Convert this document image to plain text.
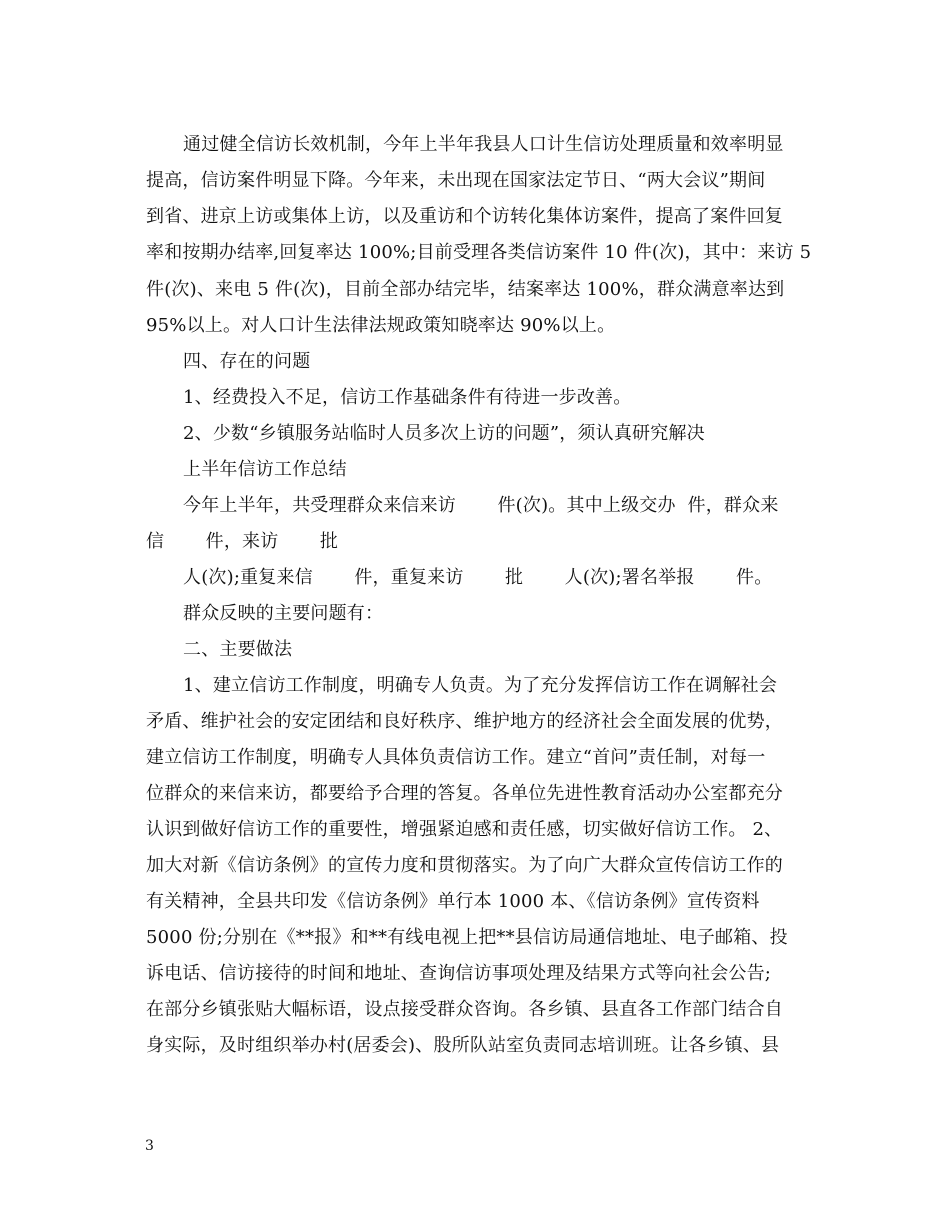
通过健全信访长效机制，今年上半年我县人口计生信访处理质量和效率明显
提高，信访案件明显下降。今年来，未出现在国家法定节日、“两大会议”期间
到省、进京上访或集体上访，以及重访和个访转化集体访案件，提高了案件回复
率和按期办结率,回复率达 100%;目前受理各类信访案件 10 件(次)，其中：来访 5
件(次)、来电 5 件(次)，目前全部办结完毕，结案率达 100%，群众满意率达到
95%以上。对人口计生法律法规政策知晓率达 90%以上。
四、存在的问题
1、经费投入不足，信访工作基础条件有待进一步改善。
2、少数“乡镇服务站临时人员多次上访的问题”，须认真研究解决
上半年信访工作总结
今年上半年，共受理群众来信来访       件(次)。其中上级交办  件，群众来
信       件，来访       批
人(次);重复来信       件，重复来访       批       人(次);署名举报       件。
群众反映的主要问题有：
二、主要做法
1、建立信访工作制度，明确专人负责。为了充分发挥信访工作在调解社会
矛盾、维护社会的安定团结和良好秩序、维护地方的经济社会全面发展的优势，
建立信访工作制度，明确专人具体负责信访工作。建立“首问”责任制，对每一
位群众的来信来访，都要给予合理的答复。各单位先进性教育活动办公室都充分
认识到做好信访工作的重要性，增强紧迫感和责任感，切实做好信访工作。 2、
加大对新《信访条例》的宣传力度和贯彻落实。为了向广大群众宣传信访工作的
有关精神，全县共印发《信访条例》单行本 1000 本、《信访条例》宣传资料
5000 份;分别在《**报》和**有线电视上把**县信访局通信地址、电子邮箱、投
诉电话、信访接待的时间和地址、查询信访事项处理及结果方式等向社会公告;
在部分乡镇张贴大幅标语，设点接受群众咨询。各乡镇、县直各工作部门结合自
身实际，及时组织举办村(居委会)、股所队站室负责同志培训班。让各乡镇、县
3
